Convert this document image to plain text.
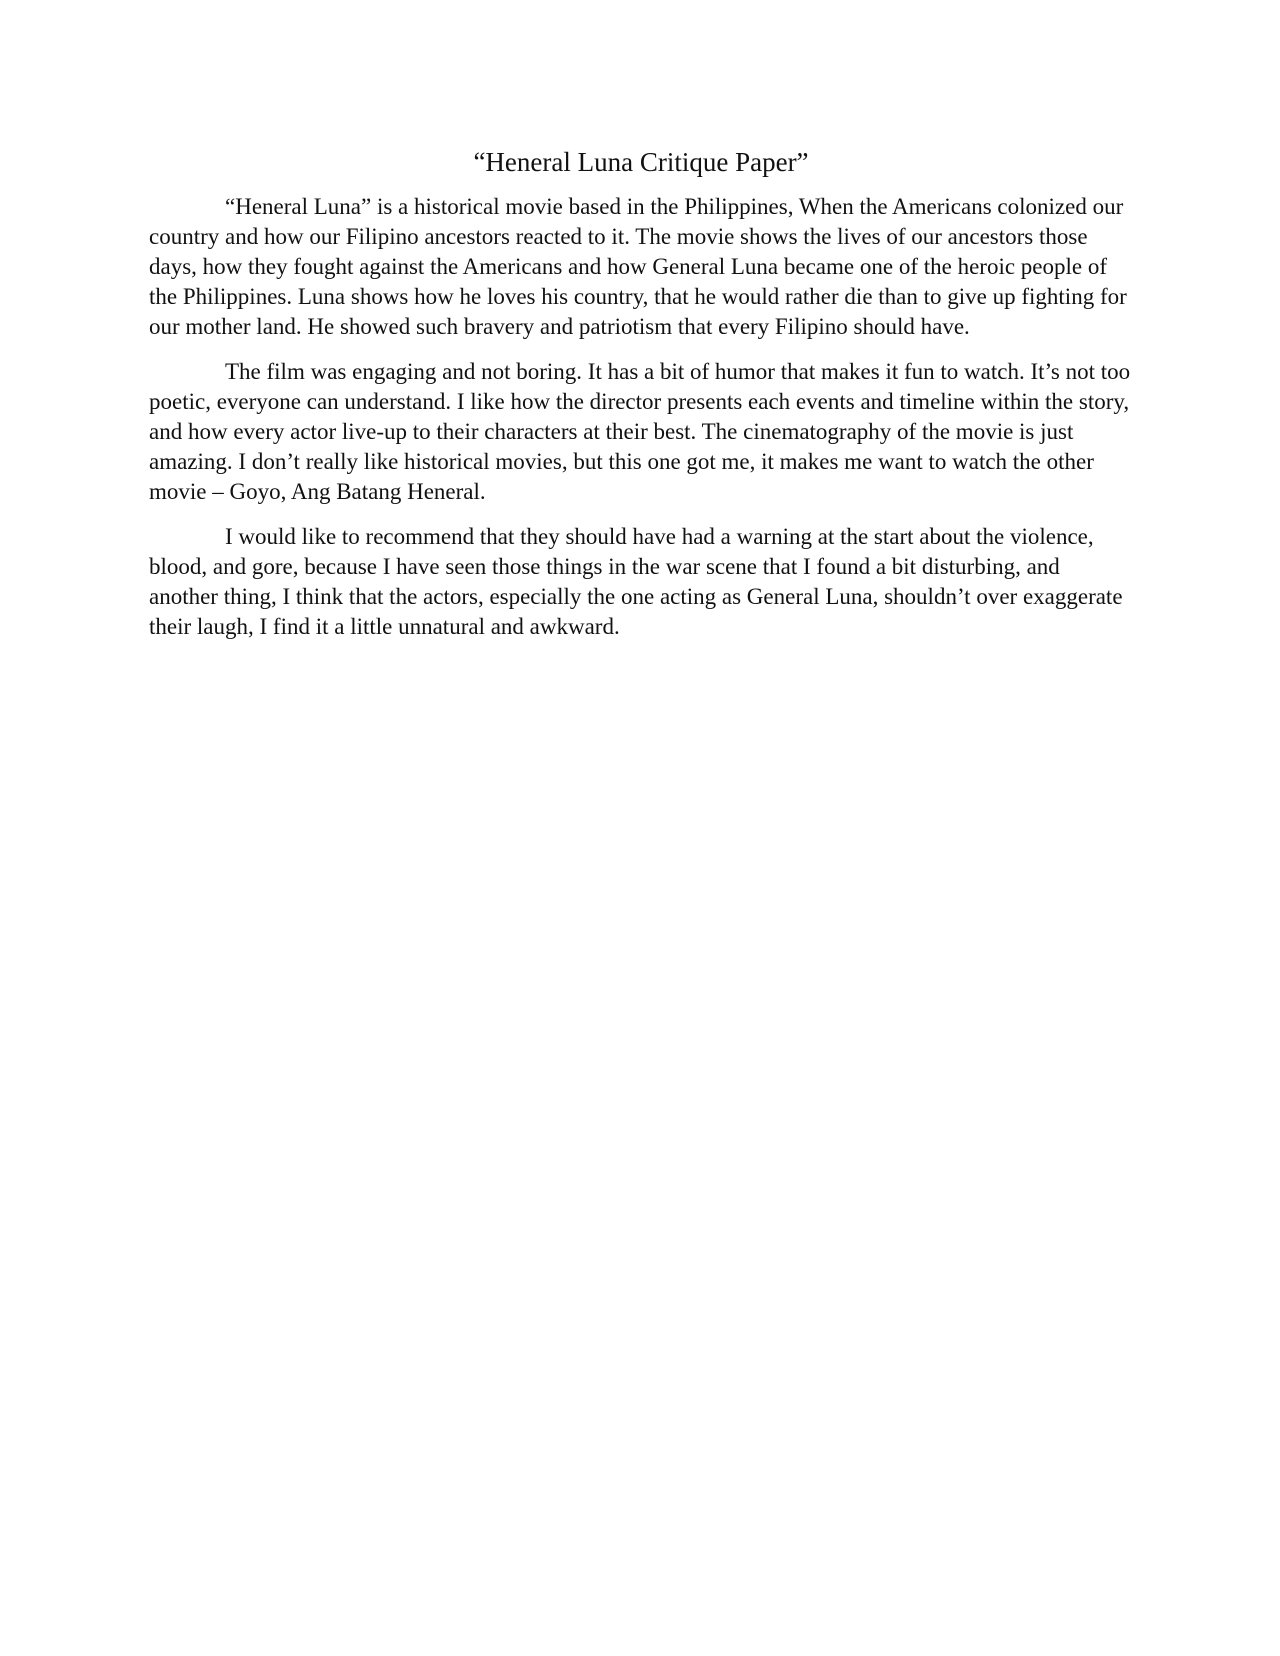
“Heneral Luna Critique Paper”

“Heneral Luna” is a historical movie based in the Philippines, When the Americans colonized our country and how our Filipino ancestors reacted to it. The movie shows the lives of our ancestors those days, how they fought against the Americans and how General Luna became one of the heroic people of the Philippines. Luna shows how he loves his country, that he would rather die than to give up fighting for our mother land. He showed such bravery and patriotism that every Filipino should have.

The film was engaging and not boring. It has a bit of humor that makes it fun to watch. It’s not too poetic, everyone can understand. I like how the director presents each events and timeline within the story, and how every actor live-up to their characters at their best. The cinematography of the movie is just amazing. I don’t really like historical movies, but this one got me, it makes me want to watch the other movie – Goyo, Ang Batang Heneral.

I would like to recommend that they should have had a warning at the start about the violence, blood, and gore, because I have seen those things in the war scene that I found a bit disturbing, and another thing, I think that the actors, especially the one acting as General Luna, shouldn’t over exaggerate their laugh, I find it a little unnatural and awkward.
